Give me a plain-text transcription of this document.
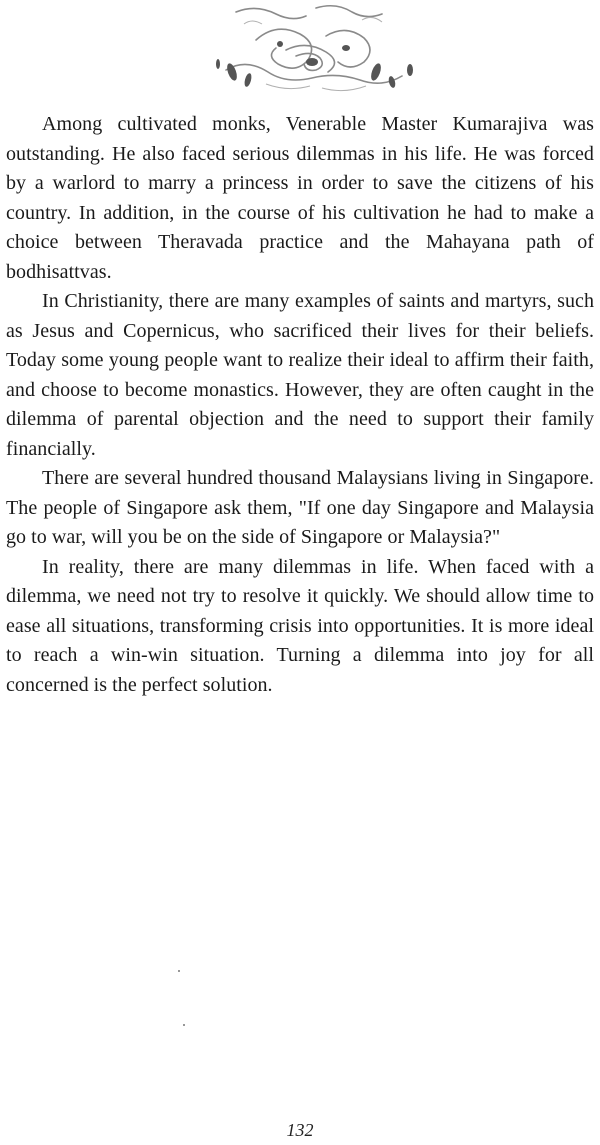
Among cultivated monks, Venerable Master Kumarajiva was outstanding. He also faced serious dilemmas in his life. He was forced by a warlord to marry a princess in order to save the citizens of his country. In addition, in the course of his cultivation he had to make a choice between Theravada practice and the Mahayana path of bodhisattvas.

In Christianity, there are many examples of saints and martyrs, such as Jesus and Copernicus, who sacrificed their lives for their beliefs. Today some young people want to realize their ideal to affirm their faith, and choose to become monastics. However, they are often caught in the dilemma of parental objection and the need to support their family financially.

There are several hundred thousand Malaysians living in Singapore. The people of Singapore ask them, "If one day Singapore and Malaysia go to war, will you be on the side of Singapore or Malaysia?"

In reality, there are many dilemmas in life. When faced with a dilemma, we need not try to resolve it quickly. We should allow time to ease all situations, transforming crisis into opportunities. It is more ideal to reach a win-win situation. Turning a dilemma into joy for all concerned is the perfect solution.

132
